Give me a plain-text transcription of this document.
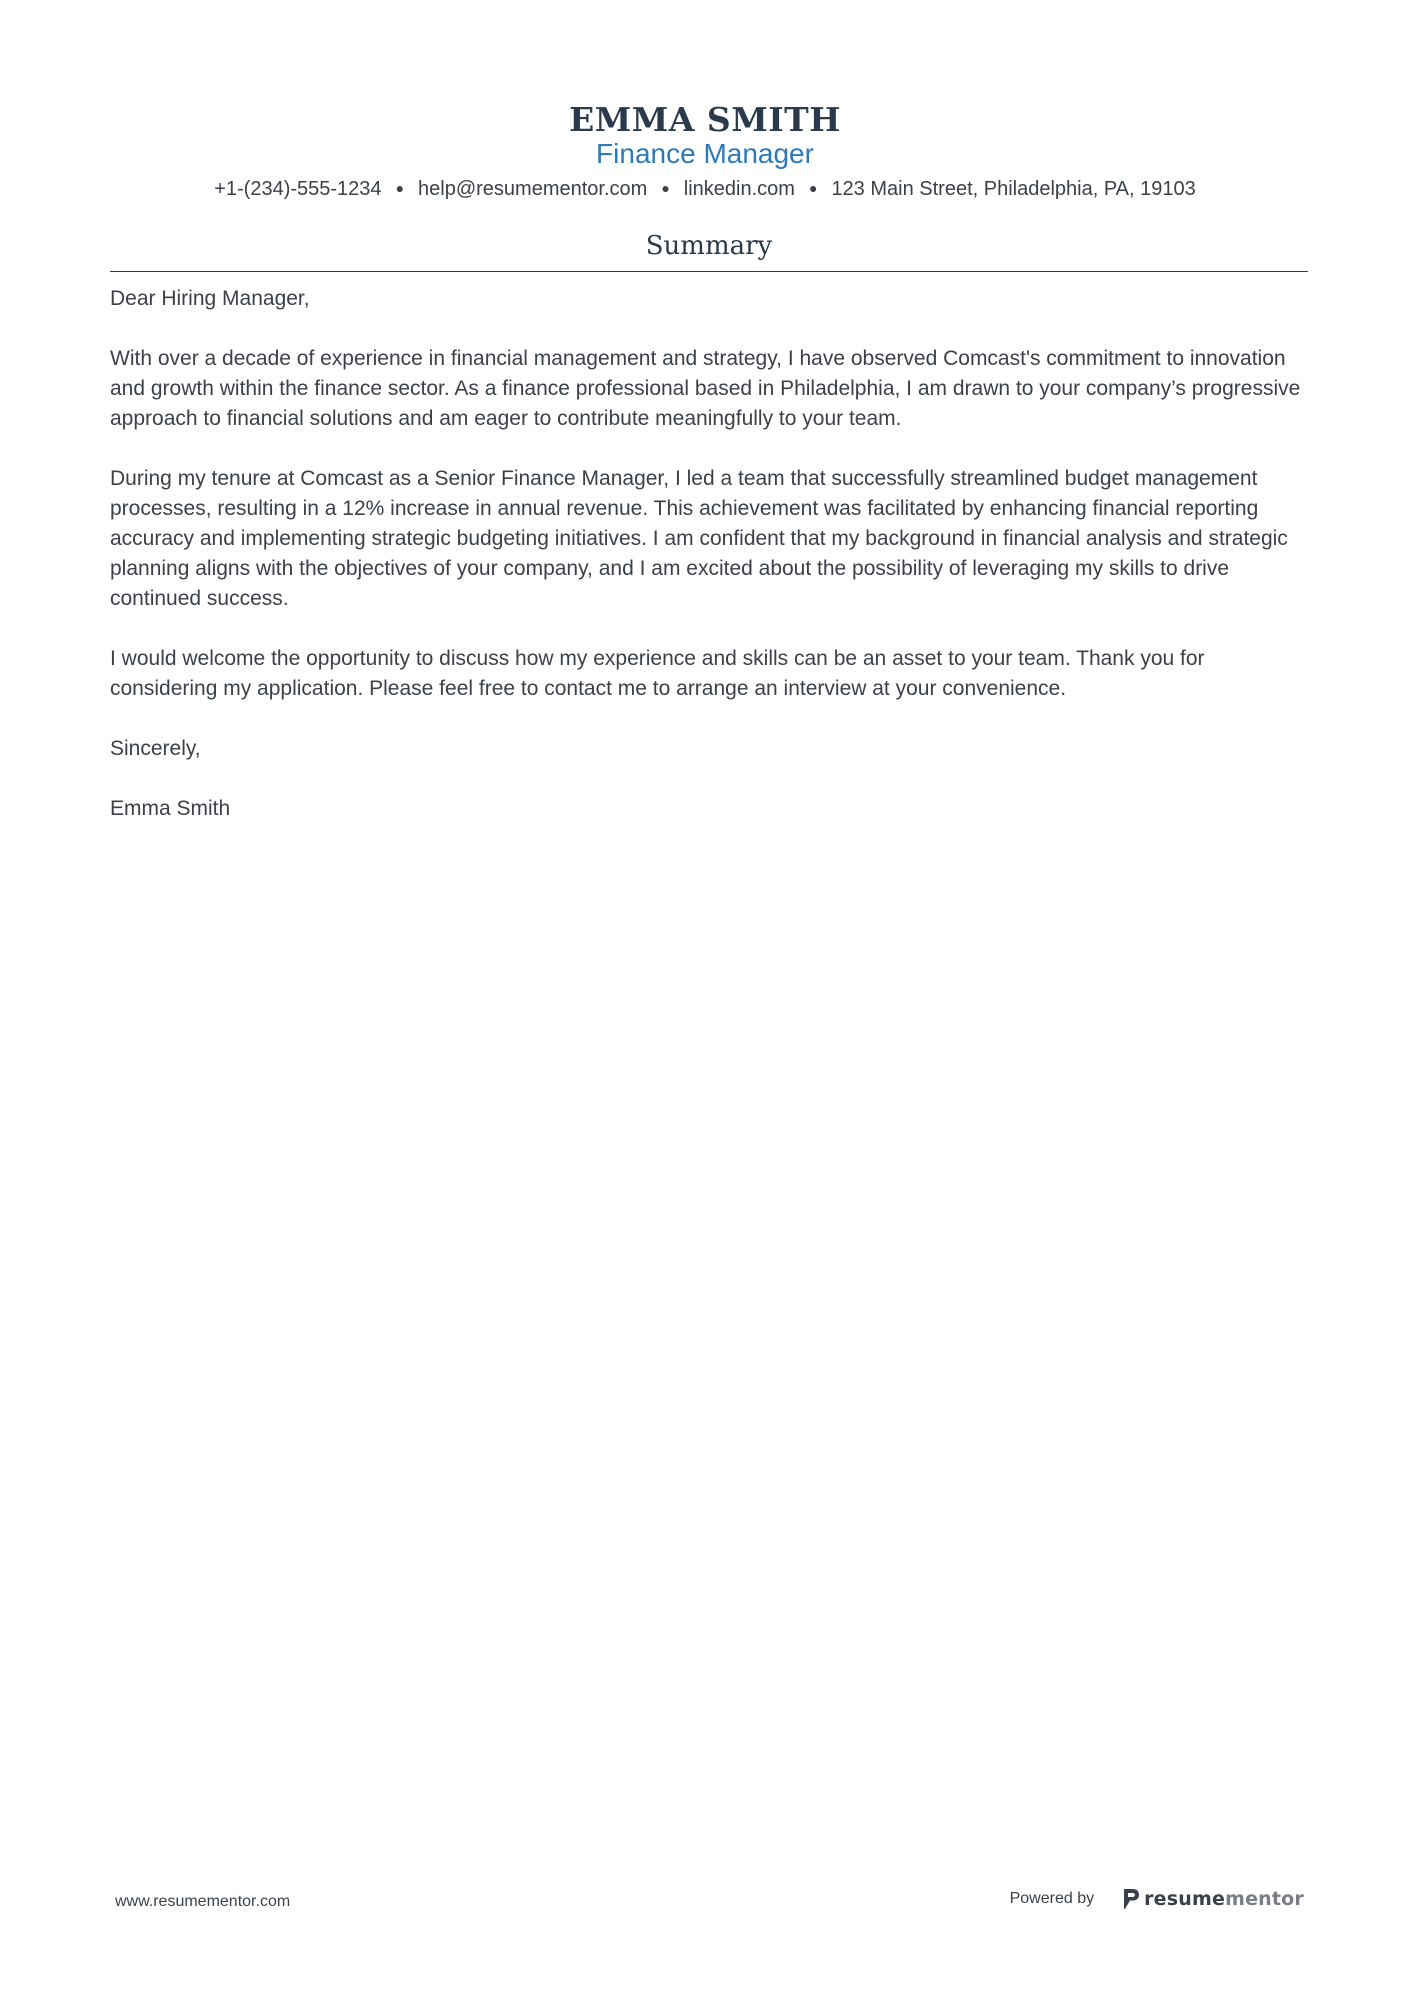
EMMA SMITH
Finance Manager
+1-(234)-555-1234 ● help@resumementor.com ● linkedin.com ● 123 Main Street, Philadelphia, PA, 19103
Summary

Dear Hiring Manager,

With over a decade of experience in financial management and strategy, I have observed Comcast's commitment to innovation and growth within the finance sector. As a finance professional based in Philadelphia, I am drawn to your company’s progressive approach to financial solutions and am eager to contribute meaningfully to your team.

During my tenure at Comcast as a Senior Finance Manager, I led a team that successfully streamlined budget management processes, resulting in a 12% increase in annual revenue. This achievement was facilitated by enhancing financial reporting accuracy and implementing strategic budgeting initiatives. I am confident that my background in financial analysis and strategic planning aligns with the objectives of your company, and I am excited about the possibility of leveraging my skills to drive continued success.

I would welcome the opportunity to discuss how my experience and skills can be an asset to your team. Thank you for considering my application. Please feel free to contact me to arrange an interview at your convenience.

Sincerely,

Emma Smith

www.resumementor.com	Powered by	resumementor
